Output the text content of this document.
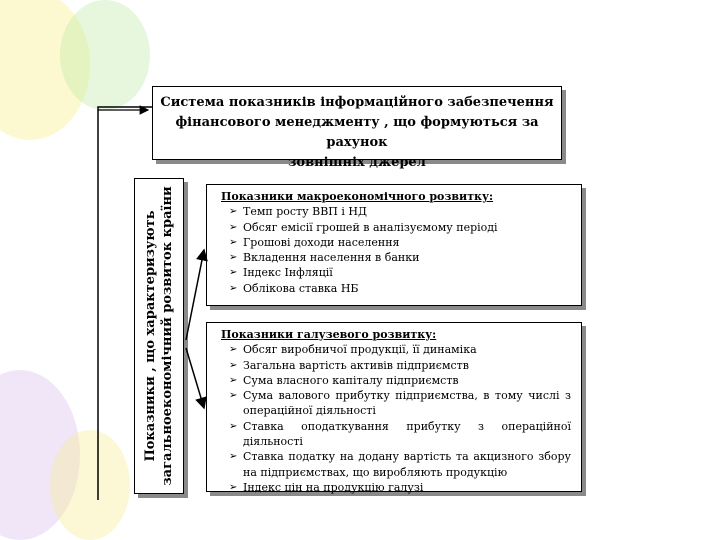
Система показників інформаційного забезпечення
фінансового менеджменту , що формуються за рахунок
зовнішніх джерел
Показники , що характеризують загальноекономічний розвиток країни	Показники макроекономічного розвитку:
➢ Темп росту ВВП і НД
➢ Обсяг емісії грошей в аналізуємому періоді
➢ Грошові доходи населення
➢ Вкладення населення в банки
➢ Індекс Інфляції
➢ Облікова ставка НБ
Показники галузевого розвитку:
➢ Обсяг виробничої продукції, її динаміка
➢ Загальна вартість активів підприємств
➢ Сума власного капіталу підприємств
➢ Сума валового прибутку підприємства, в тому числі з операційної діяльності
➢ Ставка оподаткування прибутку з операційної діяльності
➢ Ставка податку на додану вартість та акцизного збору на підприємствах, що виробляють продукцію
➢ Індекс цін на продукцію галузі
